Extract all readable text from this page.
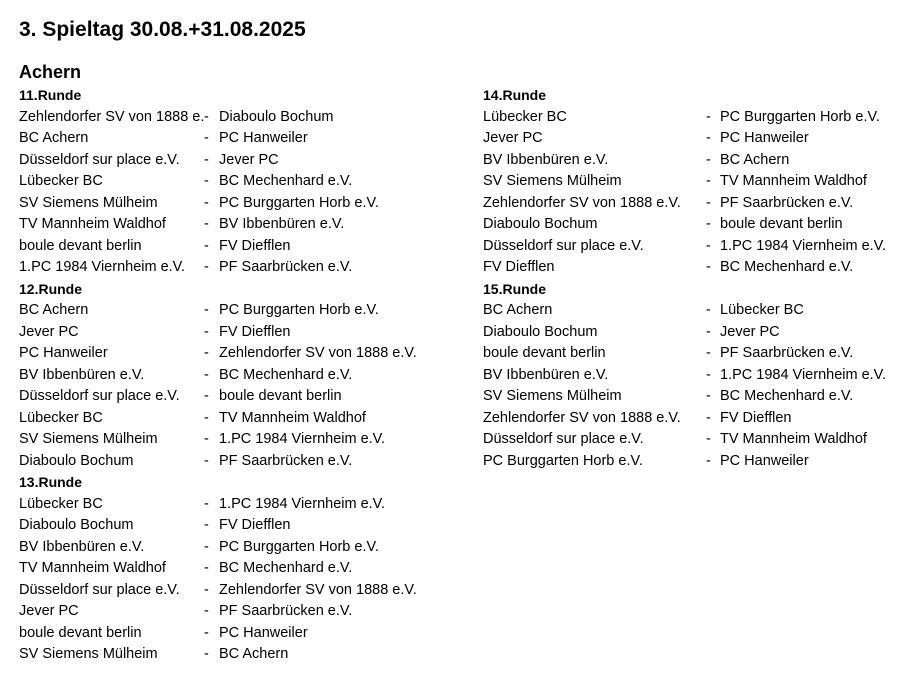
3. Spieltag 30.08.+31.08.2025
Achern
11.Runde
Zehlendorfer SV von 1888 e. - Diaboulo Bochum
BC Achern	- PC Hanweiler
Düsseldorf sur place e.V. - Jever PC
Lübecker BC	- BC Mechenhard e.V.
SV Siemens Mülheim	- PC Burggarten Horb e.V.
TV Mannheim Waldhof	- BV Ibbenbüren e.V.
boule devant berlin	- FV Diefflen
1.PC 1984 Viernheim e.V. - PF Saarbrücken e.V.
12.Runde
BC Achern	- PC Burggarten Horb e.V.
Jever PC	- FV Diefflen
PC Hanweiler	- Zehlendorfer SV von 1888 e.V.
BV Ibbenbüren e.V.	- BC Mechenhard e.V.
Düsseldorf sur place e.V. - boule devant berlin
Lübecker BC	- TV Mannheim Waldhof
SV Siemens Mülheim	- 1.PC 1984 Viernheim e.V.
Diaboulo Bochum	- PF Saarbrücken e.V.
13.Runde
Lübecker BC	- 1.PC 1984 Viernheim e.V.
Diaboulo Bochum	- FV Diefflen
BV Ibbenbüren e.V.	- PC Burggarten Horb e.V.
TV Mannheim Waldhof	- BC Mechenhard e.V.
Düsseldorf sur place e.V. - Zehlendorfer SV von 1888 e.V.
Jever PC	- PF Saarbrücken e.V.
boule devant berlin	- PC Hanweiler
SV Siemens Mülheim	- BC Achern
14.Runde
Lübecker BC	- PC Burggarten Horb e.V.
Jever PC	- PC Hanweiler
BV Ibbenbüren e.V.	- BC Achern
SV Siemens Mülheim	- TV Mannheim Waldhof
Zehlendorfer SV von 1888 e.V. - PF Saarbrücken e.V.
Diaboulo Bochum	- boule devant berlin
Düsseldorf sur place e.V.	- 1.PC 1984 Viernheim e.V.
FV Diefflen	- BC Mechenhard e.V.
15.Runde
BC Achern	- Lübecker BC
Diaboulo Bochum	- Jever PC
boule devant berlin	- PF Saarbrücken e.V.
BV Ibbenbüren e.V.	- 1.PC 1984 Viernheim e.V.
SV Siemens Mülheim	- BC Mechenhard e.V.
Zehlendorfer SV von 1888 e.V. - FV Diefflen
Düsseldorf sur place e.V.	- TV Mannheim Waldhof
PC Burggarten Horb e.V.	- PC Hanweiler
